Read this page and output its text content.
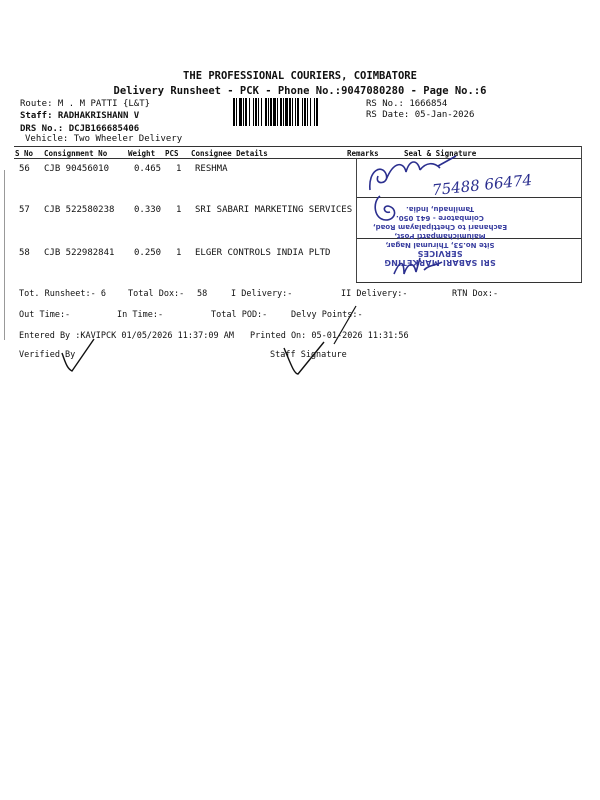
THE PROFESSIONAL COURIERS, COIMBATORE
Delivery Runsheet - PCK - Phone No.:9047080280 - Page No.:6
Route: M . M PATTI {L&T}
Staff: RADHAKRISHANN V
DRS No.: DCJB166685406
Vehicle: Two Wheeler Delivery
RS No.: 1666854
RS Date: 05-Jan-2026
S No Consignment No	Weight PCS Consignee Details	Remarks	Seal & Signature
56 CJB 90456010	0.465 1 RESHMA
57 CJB 522580238 0.330 1 SRI SABARI MARKETING SERVICES
58 CJB 522982841 0.250 1 ELGER CONTROLS INDIA PLTD
SRI SABARI MARKETING SERVICES
Site No.53, Thirumal Nagar,
Malumichampatti Post,
Eachanari to Chettipalayam Road,
Coimbatore - 641 050.
Tamilnadu, India.
75488 66474
Tot. Runsheet:- 6	Total Dox:- 58	I Delivery:-	II Delivery:-	RTN Dox:-
Out Time:-	In Time:-	Total POD:-	Delvy Points:-
Entered By :KAVIPCK 01/05/2026 11:37:09 AM Printed On: 05-01-2026 11:31:56
Verified By	Staff Signature
